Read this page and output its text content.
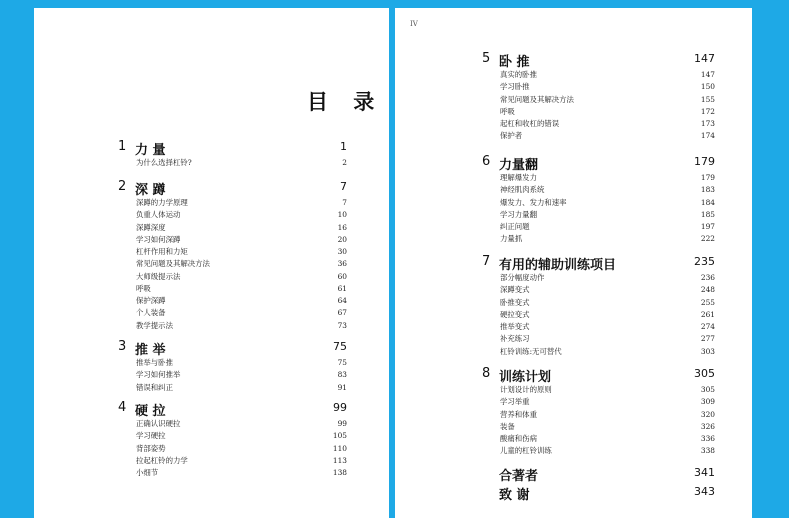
目 录
1 力 量	1
为什么选择杠铃?	2
2 深 蹲	7
深蹲的力学原理	7
负重人体运动	10
深蹲深度	16
学习如何深蹲	20
杠杆作用和力矩	30
常见问题及其解决方法	36
大师级提示法	60
呼吸	61
保护深蹲	64
个人装备	67
教学提示法	73
3 推 举	75
推举与卧推	75
学习如何推举	83
错误和纠正	91
4 硬 拉	99
正确认识硬拉	99
学习硬拉	105
背部姿势	110
拉起杠铃的力学	113
小细节	138
IV
5 卧 推	147
真实的卧推	147
学习卧推	150
常见问题及其解决方法	155
呼吸	172
起杠和收杠的错误	173
保护者	174
6 力量翻	179
理解爆发力	179
神经肌肉系统	183
爆发力、发力和速率	184
学习力量翻	185
纠正问题	197
力量抓	222
7 有用的辅助训练项目	235
部分幅度动作	236
深蹲变式	248
卧推变式	255
硬拉变式	261
推举变式	274
补充练习	277
杠铃训练:无可替代	303
8 训练计划	305
计划设计的原则	305
学习举重	309
营养和体重	320
装备	326
酸痛和伤病	336
儿童的杠铃训练	338
合著者	341
致 谢	343
